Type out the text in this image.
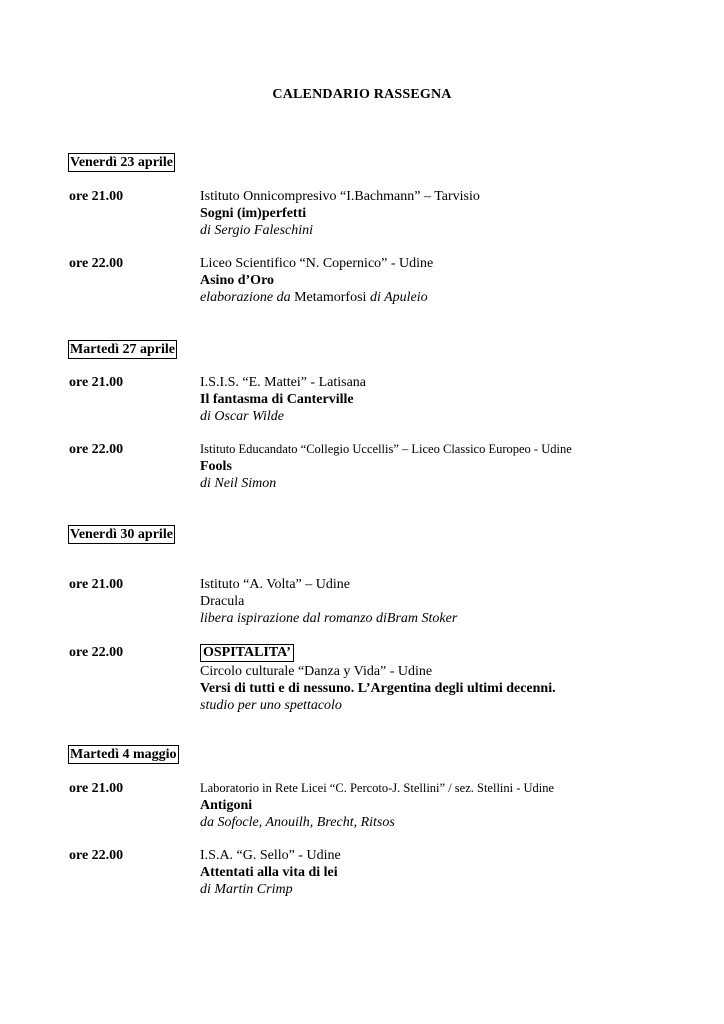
CALENDARIO RASSEGNA
Venerdì 23 aprile
ore 21.00	Istituto Onnicompresivo “I.Bachmann” – Tarvisio
Sogni (im)perfetti
di Sergio Faleschini
ore 22.00	Liceo Scientifico “N. Copernico” - Udine
Asino d’Oro
elaborazione da Metamorfosi di Apuleio
Martedì 27 aprile
ore 21.00	I.S.I.S. “E. Mattei” - Latisana
Il fantasma di Canterville
di Oscar Wilde
ore 22.00	Istituto Educandato “Collegio Uccellis” – Liceo Classico Europeo - Udine
Fools
di Neil Simon
Venerdì 30 aprile
ore 21.00	Istituto “A. Volta” – Udine
Dracula
libera ispirazione dal romanzo diBram Stoker
ore 22.00	OSPITALITA’
Circolo culturale “Danza y Vida” - Udine
Versi di tutti e di nessuno. L’Argentina degli ultimi decenni.
studio per uno spettacolo
Martedì 4 maggio
ore 21.00	Laboratorio in Rete Licei “C. Percoto-J. Stellini” / sez. Stellini - Udine
Antigoni
da Sofocle, Anouilh, Brecht, Ritsos
ore 22.00	I.S.A. “G. Sello” - Udine
Attentati alla vita di lei
di Martin Crimp
